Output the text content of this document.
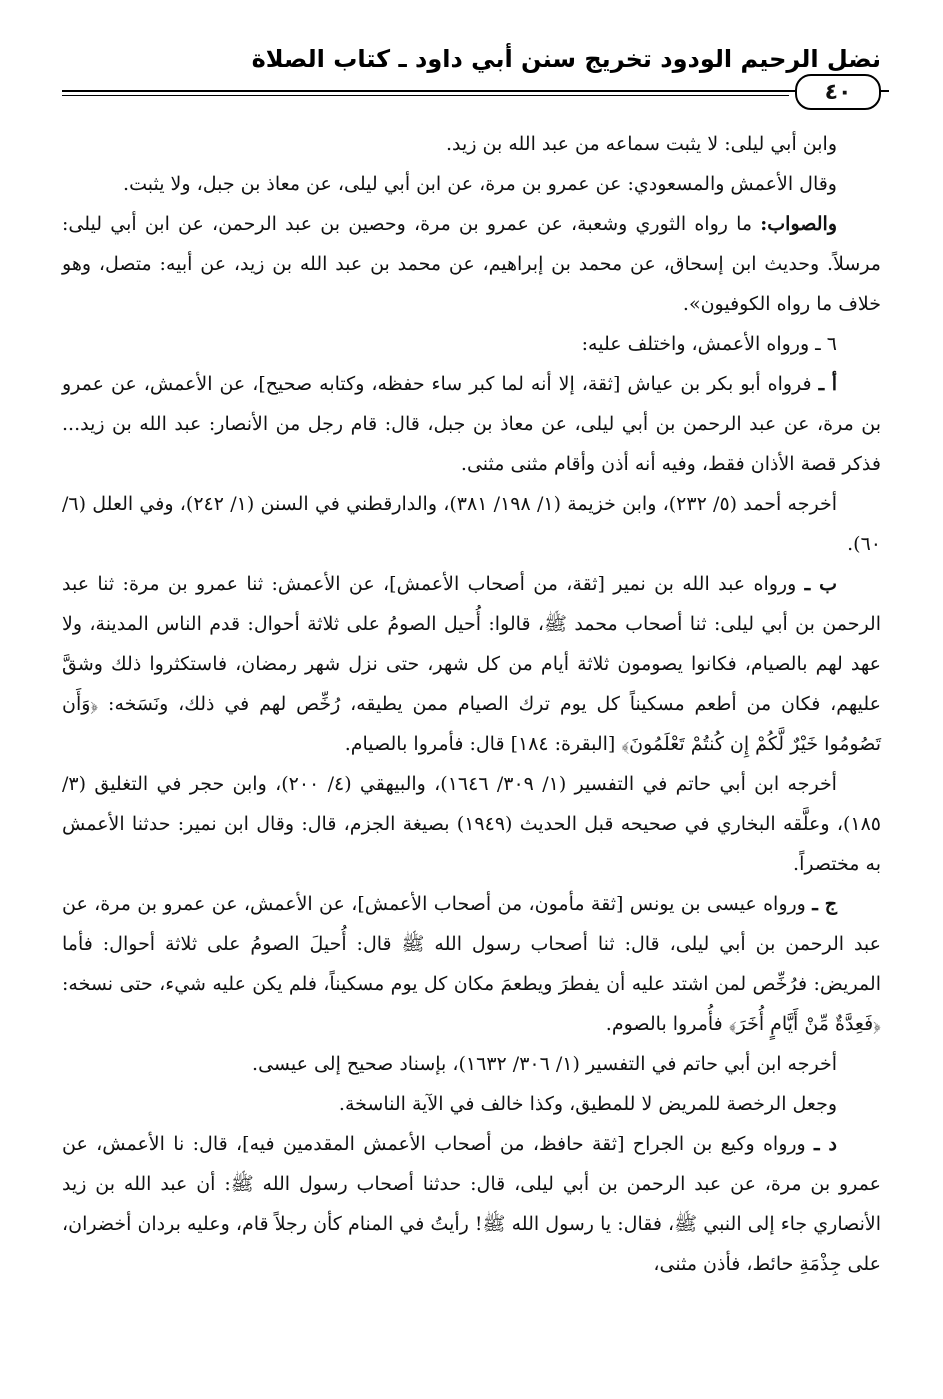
نضل الرحيم الودود تخريج سنن أبي داود ـ كتاب الصلاة
٤٠

وابن أبي ليلى: لا يثبت سماعه من عبد الله بن زيد.

وقال الأعمش والمسعودي: عن عمرو بن مرة، عن ابن أبي ليلى، عن معاذ بن جبل، ولا يثبت.

والصواب: ما رواه الثوري وشعبة، عن عمرو بن مرة، وحصين بن عبد الرحمن، عن ابن أبي ليلى: مرسلاً. وحديث ابن إسحاق، عن محمد بن إبراهيم، عن محمد بن عبد الله بن زيد، عن أبيه: متصل، وهو خلاف ما رواه الكوفيون».

٦ ـ ورواه الأعمش، واختلف عليه:

أ ـ فرواه أبو بكر بن عياش [ثقة، إلا أنه لما كبر ساء حفظه، وكتابه صحيح]، عن الأعمش، عن عمرو بن مرة، عن عبد الرحمن بن أبي ليلى، عن معاذ بن جبل، قال: قام رجل من الأنصار: عبد الله بن زيد... فذكر قصة الأذان فقط، وفيه أنه أذن وأقام مثنى مثنى.

أخرجه أحمد (٥/ ٢٣٢)، وابن خزيمة (١/ ١٩٨/ ٣٨١)، والدارقطني في السنن (١/ ٢٤٢)، وفي العلل (٦/ ٦٠).

ب ـ ورواه عبد الله بن نمير [ثقة، من أصحاب الأعمش]، عن الأعمش: ثنا عمرو بن مرة: ثنا عبد الرحمن بن أبي ليلى: ثنا أصحاب محمد ﷺ، قالوا: أُحيل الصومُ على ثلاثة أحوال: قدم الناس المدينة، ولا عهد لهم بالصيام، فكانوا يصومون ثلاثة أيام من كل شهر، حتى نزل شهر رمضان، فاستكثروا ذلك وشقَّ عليهم، فكان من أطعم مسكيناً كل يوم ترك الصيام ممن يطيقه، رُخِّص لهم في ذلك، ونَسَخه: ﴿وَأَن تَصُومُوا خَيْرٌ لَّكُمْ إِن كُنتُمْ تَعْلَمُونَ﴾ [البقرة: ١٨٤] قال: فأمروا بالصيام.

أخرجه ابن أبي حاتم في التفسير (١/ ٣٠٩/ ١٦٤٦)، والبيهقي (٤/ ٢٠٠)، وابن حجر في التغليق (٣/ ١٨٥)، وعلَّقه البخاري في صحيحه قبل الحديث (١٩٤٩) بصيغة الجزم، قال: وقال ابن نمير: حدثنا الأعمش به مختصراً.

ج ـ ورواه عيسى بن يونس [ثقة مأمون، من أصحاب الأعمش]، عن الأعمش، عن عمرو بن مرة، عن عبد الرحمن بن أبي ليلى، قال: ثنا أصحاب رسول الله ﷺ قال: أُحيلَ الصومُ على ثلاثة أحوال: فأما المريض: فرُخِّص لمن اشتد عليه أن يفطرَ ويطعمَ مكان كل يوم مسكيناً، فلم يكن عليه شيء، حتى نسخه: ﴿فَعِدَّةٌ مِّنْ أَيَّامٍ أُخَرَ﴾ فأُمروا بالصوم.

أخرجه ابن أبي حاتم في التفسير (١/ ٣٠٦/ ١٦٣٢)، بإسناد صحيح إلى عيسى.

وجعل الرخصة للمريض لا للمطيق، وكذا خالف في الآية الناسخة.

د ـ ورواه وكيع بن الجراح [ثقة حافظ، من أصحاب الأعمش المقدمين فيه]، قال: نا الأعمش، عن عمرو بن مرة، عن عبد الرحمن بن أبي ليلى، قال: حدثنا أصحاب رسول الله ﷺ: أن عبد الله بن زيد الأنصاري جاء إلى النبي ﷺ، فقال: يا رسول الله ﷺ! رأيتُ في المنام كأن رجلاً قام، وعليه بردان أخضران، على جِذْمَةِ حائط، فأذن مثنى،
